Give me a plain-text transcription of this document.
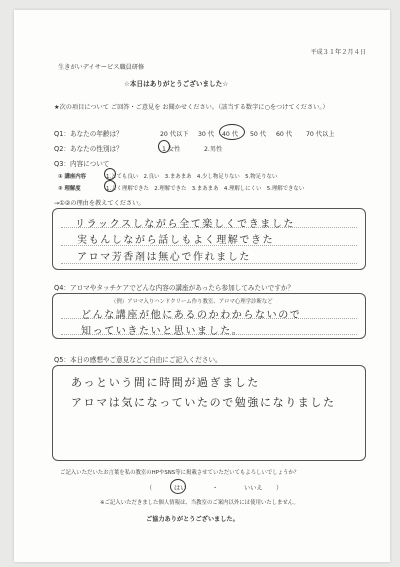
平成３１年２月４日
生きがいデイサービス職員研修
☆本日はありがとうございました☆
★次の項目について ご回答・ご意見を お聞かせください。（該当する数字に○をつけてください。）
Q1：あなたの年齢は？	20 代以下 30 代 40 代 50 代 60 代 70 代以上
Q2：あなたの性別は？	1 女性	2.男性
Q3：内容について
① 講座内容	1.とても良い　2.良い　3.まあまあ　4.少し物足りない　5.物足りない
② 理解度	1.よく理解できた　2.理解できた　3.まあまあ　4.理解しにくい　5.理解できない
→①②の理由を教えてください。
リラックスしながら全て楽しくできました
実もんしながら話しもよく理解できた
アロマ芳香剤は無心で作れました
Q4：アロマやタッチケアでどんな内容の講座があったら参加してみたいですか？
（例）アロマ入りハンドクリーム作り教室、アロマ心理学診断など
どんな講座が他にあるのかわからないので
知っていきたいと思いました。
Q5：本日の感想やご意見などご自由にご記入ください。
あっという間に時間が過ぎました
アロマは気になっていたので勉強になりました
ご記入いただいたお言葉を私の教室のHPやSNS等に掲載させていただいてもよろしいでしょうか？
（	はい	・	いいえ ）
※ご記入いただきました個人情報は、当教室のご案内以外には使用いたしません。
ご協力ありがとうございました。
